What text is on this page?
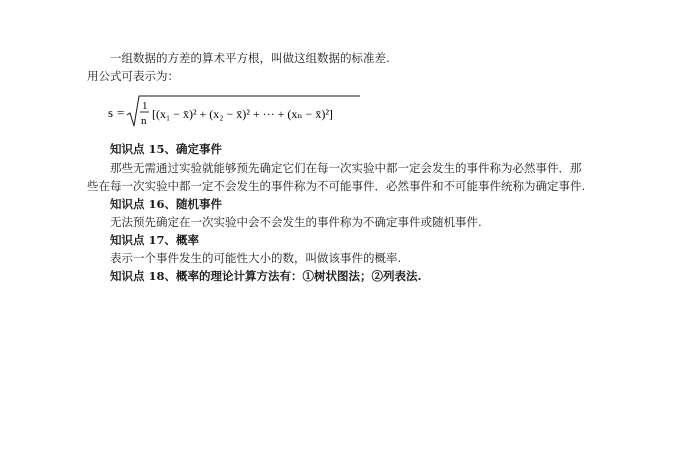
一组数据的方差的算术平方根，叫做这组数据的标准差.
用公式可表示为：
s = 1
n [(x₁ − x̄)² + (x₂ − x̄)² + ··· + (xₙ − x̄)²]
知识点 15、确定事件
那些无需通过实验就能够预先确定它们在每一次实验中都一定会发生的事件称为必然事件．那
些在每一次实验中都一定不会发生的事件称为不可能事件．必然事件和不可能事件统称为确定事件.
知识点 16、随机事件
无法预先确定在一次实验中会不会发生的事件称为不确定事件或随机事件.
知识点 17、概率
表示一个事件发生的可能性大小的数，叫做该事件的概率.
知识点 18、概率的理论计算方法有：①树状图法；②列表法.
